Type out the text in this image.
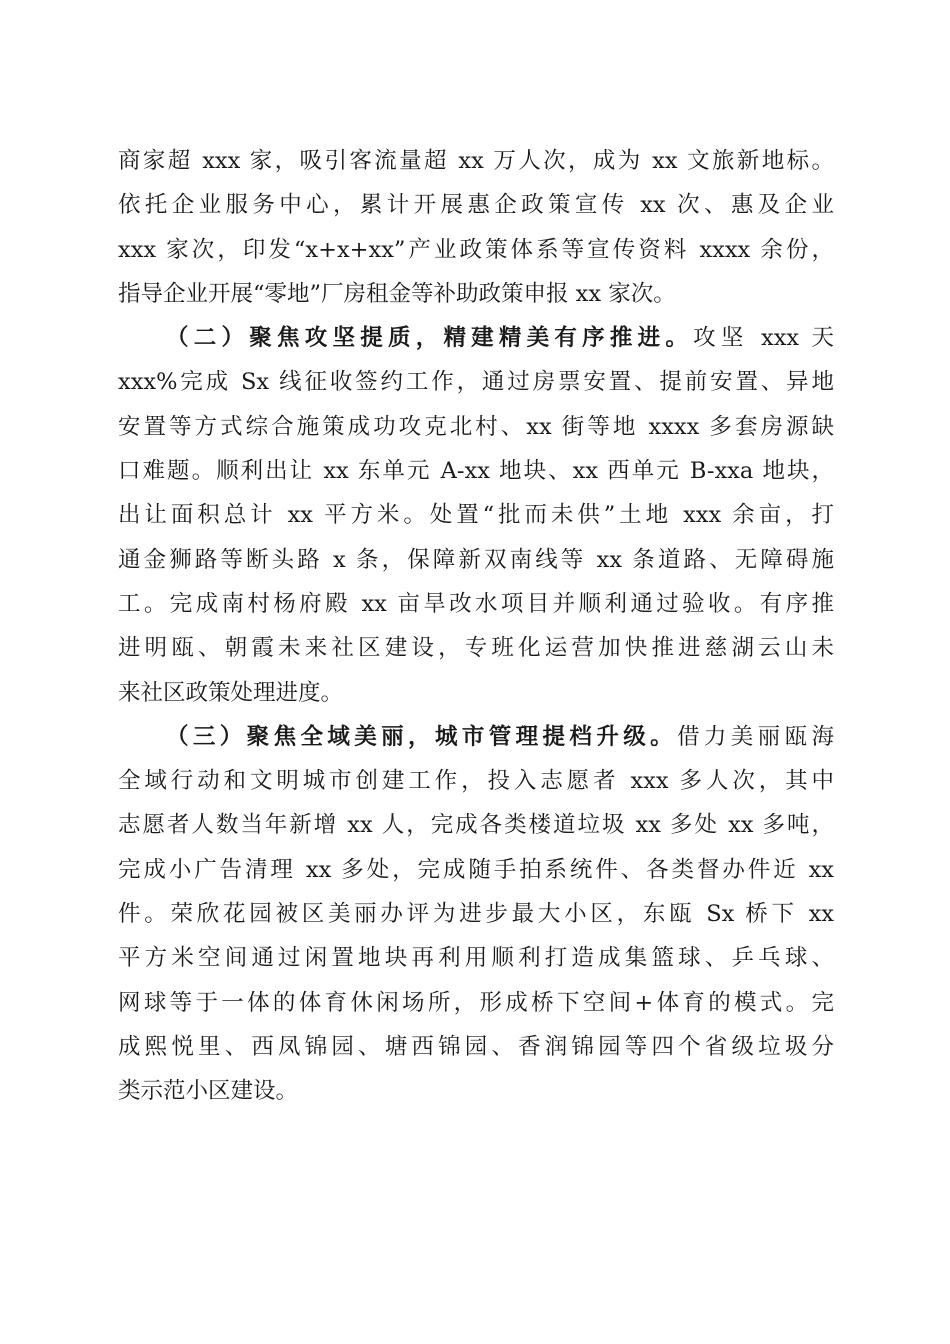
商家超 xxx 家，吸引客流量超 xx 万人次，成为 xx 文旅新地标。
依托企业服务中心，累计开展惠企政策宣传 xx 次、惠及企业
xxx 家次，印发“x+x+xx”产业政策体系等宣传资料 xxxx 余份，
指导企业开展“零地”厂房租金等补助政策申报 xx 家次。
（二）聚焦攻坚提质，精建精美有序推进。攻坚 xxx 天
xxx%完成 Sx 线征收签约工作，通过房票安置、提前安置、异地
安置等方式综合施策成功攻克北村、xx 街等地 xxxx 多套房源缺
口难题。顺利出让 xx 东单元 A-xx 地块、xx 西单元 B-xxa 地块，
出让面积总计 xx 平方米。处置“批而未供”土地 xxx 余亩，打
通金狮路等断头路 x 条，保障新双南线等 xx 条道路、无障碍施
工。完成南村杨府殿 xx 亩旱改水项目并顺利通过验收。有序推
进明瓯、朝霞未来社区建设，专班化运营加快推进慈湖云山未
来社区政策处理进度。
（三）聚焦全域美丽，城市管理提档升级。借力美丽瓯海
全域行动和文明城市创建工作，投入志愿者 xxx 多人次，其中
志愿者人数当年新增 xx 人，完成各类楼道垃圾 xx 多处 xx 多吨，
完成小广告清理 xx 多处，完成随手拍系统件、各类督办件近 xx
件。荣欣花园被区美丽办评为进步最大小区，东瓯 Sx 桥下 xx
平方米空间通过闲置地块再利用顺利打造成集篮球、乒乓球、
网球等于一体的体育休闲场所，形成桥下空间+体育的模式。完
成熙悦里、西凤锦园、塘西锦园、香润锦园等四个省级垃圾分
类示范小区建设。
